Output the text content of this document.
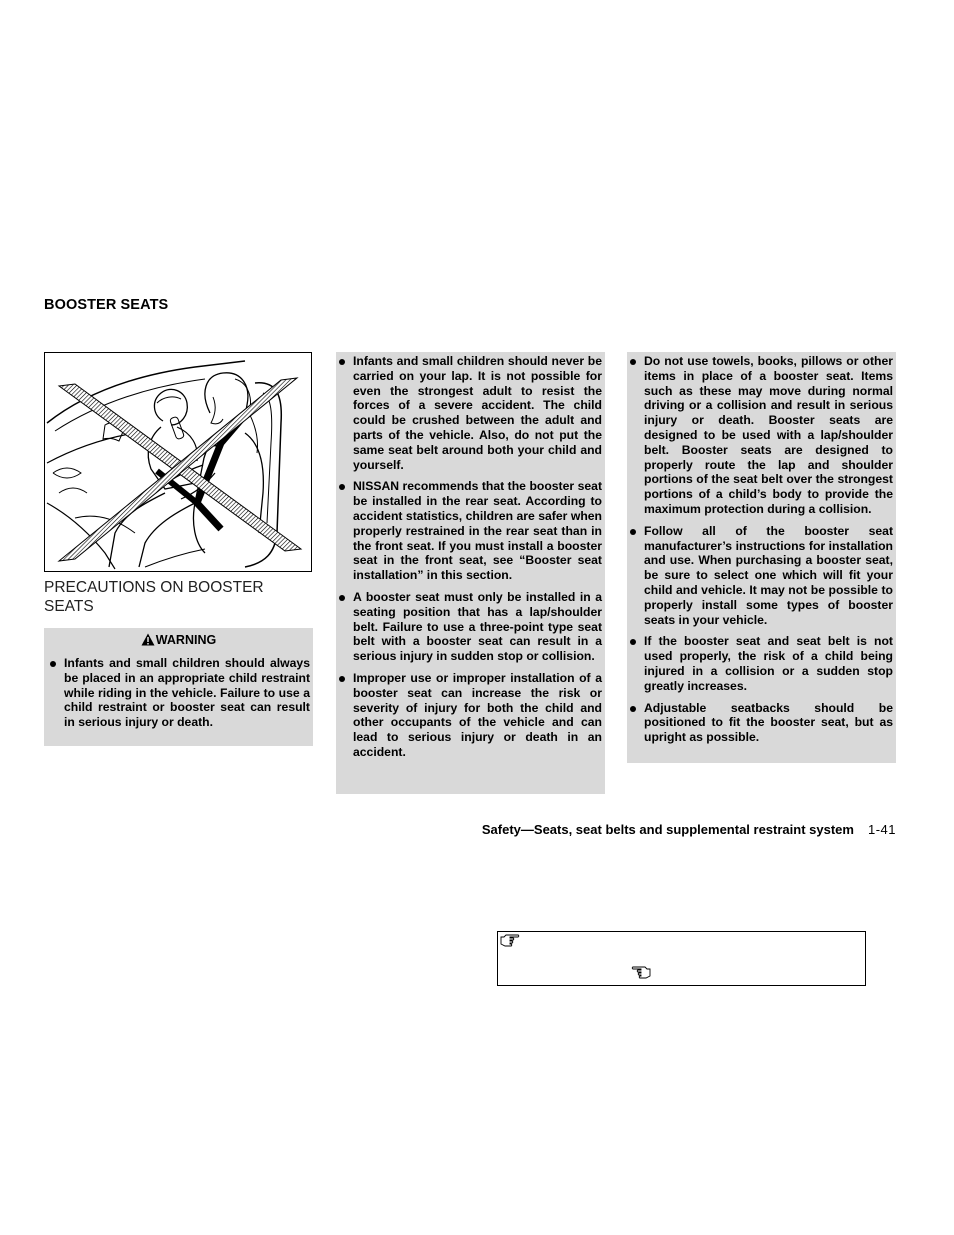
BOOSTER SEATS
PRECAUTIONS ON BOOSTER SEATS
WARNING
Infants and small children should always be placed in an appropriate child restraint while riding in the vehicle. Failure to use a child restraint or booster seat can result in serious injury or death.
Infants and small children should never be carried on your lap. It is not possible for even the strongest adult to resist the forces of a severe accident. The child could be crushed between the adult and parts of the vehicle. Also, do not put the same seat belt around both your child and yourself.
NISSAN recommends that the booster seat be installed in the rear seat. According to accident statistics, children are safer when properly restrained in the rear seat than in the front seat. If you must install a booster seat in the front seat, see “Booster seat installation” in this section.
A booster seat must only be installed in a seating position that has a lap/shoulder belt. Failure to use a three-point type seat belt with a booster seat can result in a serious injury in sudden stop or collision.
Improper use or improper installation of a booster seat can increase the risk or severity of injury for both the child and other occupants of the vehicle and can lead to serious injury or death in an accident.
Do not use towels, books, pillows or other items in place of a booster seat. Items such as these may move during normal driving or a collision and result in serious injury or death. Booster seats are designed to be used with a lap/shoulder belt. Booster seats are designed to properly route the lap and shoulder portions of the seat belt over the strongest portions of a child’s body to provide the maximum protection during a collision.
Follow all of the booster seat manufacturer’s instructions for installation and use. When purchasing a booster seat, be sure to select one which will fit your child and vehicle. It may not be possible to properly install some types of booster seats in your vehicle.
If the booster seat and seat belt is not used properly, the risk of a child being injured in a collision or a sudden stop greatly increases.
Adjustable seatbacks should be positioned to fit the booster seat, but as upright as possible.
Safety—Seats, seat belts and supplemental restraint system 1-41
